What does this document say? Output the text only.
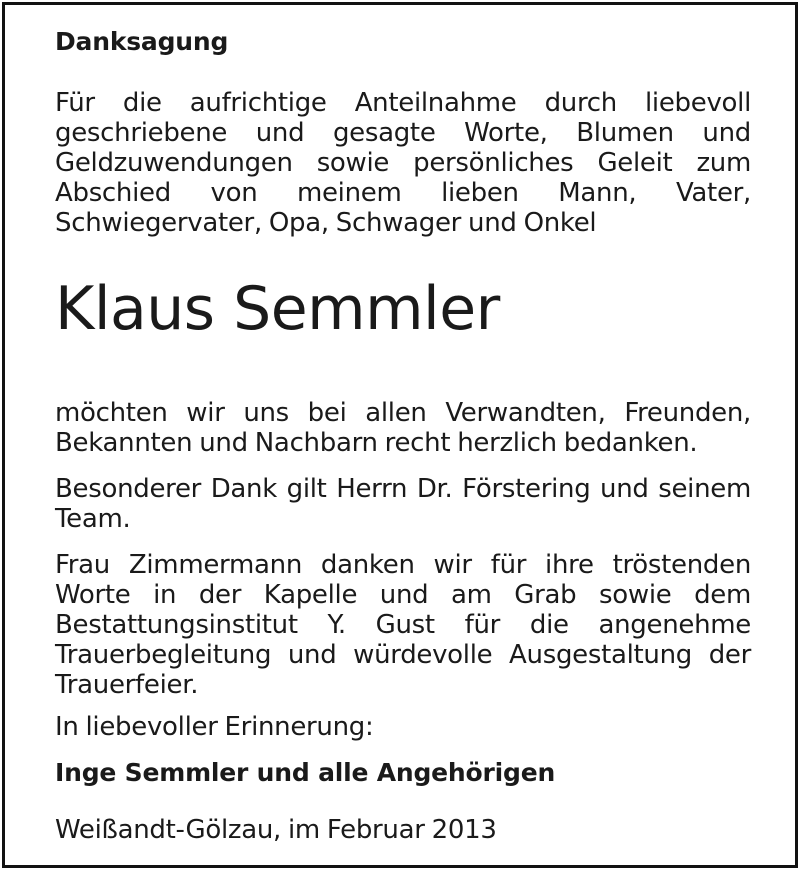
Danksagung

Für die aufrichtige Anteilnahme durch liebevoll geschriebene und gesagte Worte, Blumen und Geldzuwendungen sowie persönliches Geleit zum Abschied von meinem lieben Mann, Vater, Schwiegervater, Opa, Schwager und Onkel

Klaus Semmler

möchten wir uns bei allen Verwandten, Freunden, Bekannten und Nachbarn recht herzlich bedanken.

Besonderer Dank gilt Herrn Dr. Förstering und seinem Team.

Frau Zimmermann danken wir für ihre tröstenden Worte in der Kapelle und am Grab sowie dem Bestattungsinstitut Y. Gust für die angenehme Trauerbegleitung und würdevolle Ausgestaltung der Trauerfeier.

In liebevoller Erinnerung:

Inge Semmler und alle Angehörigen

Weißandt-Gölzau, im Februar 2013
